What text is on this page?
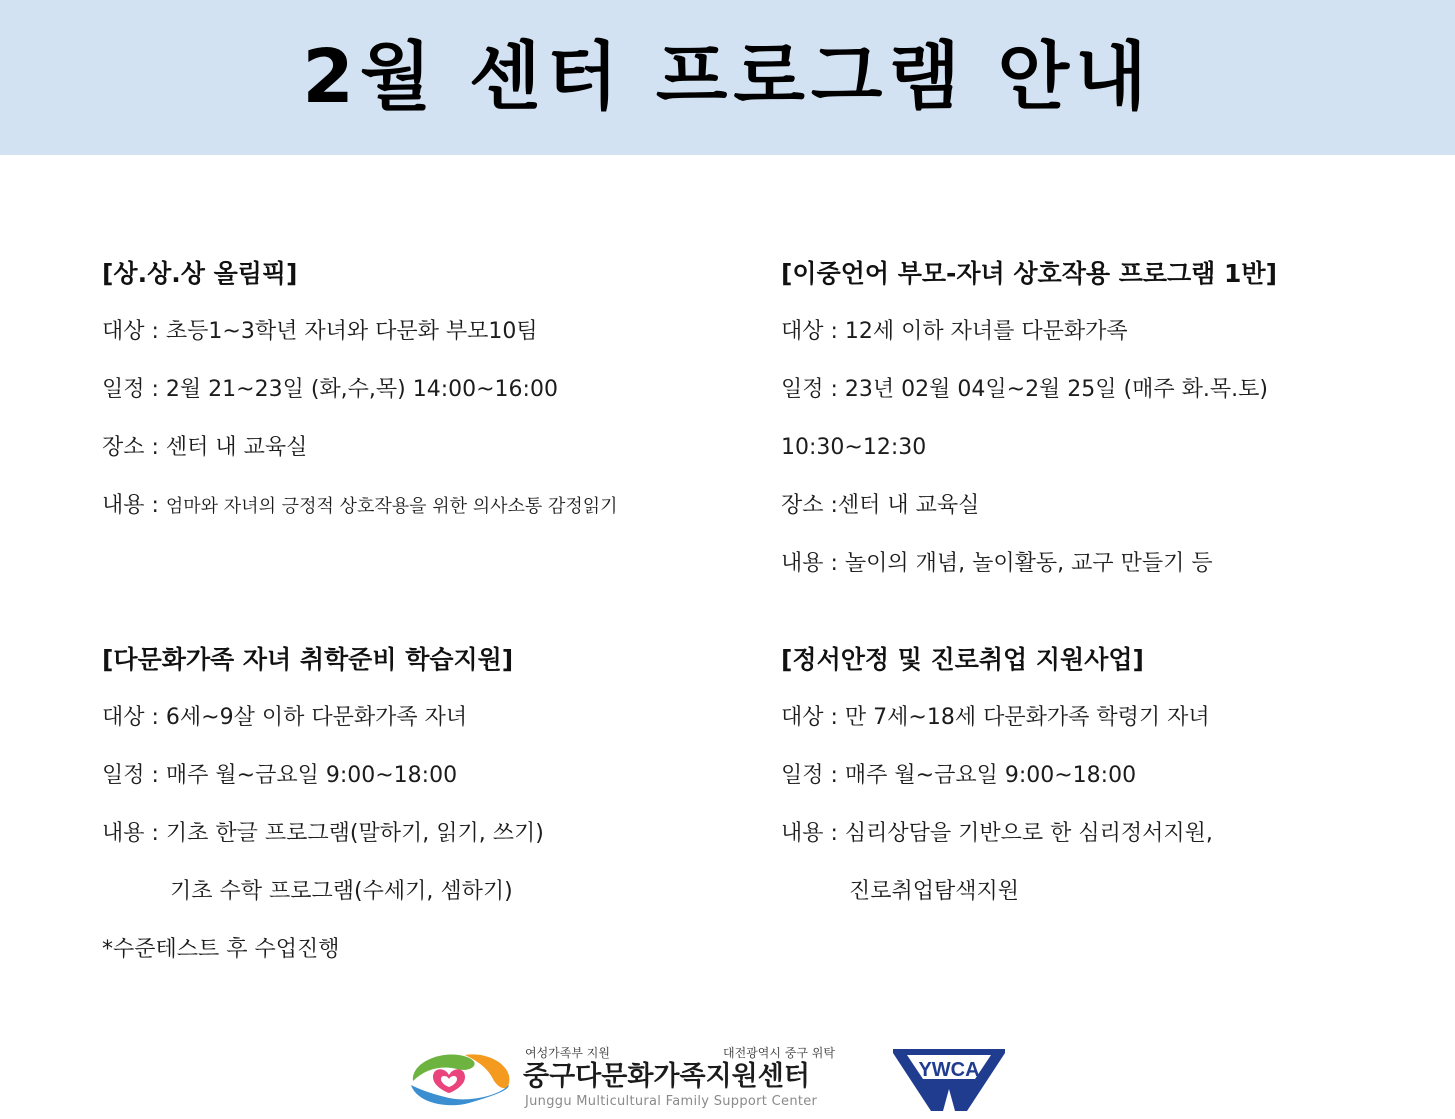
2월 센터 프로그램 안내
[상.상.상 올림픽]
대상 : 초등1~3학년 자녀와 다문화 부모10팀
일정 : 2월 21~23일 (화,수,목) 14:00~16:00
장소 : 센터 내 교육실
내용 : 엄마와 자녀의 긍정적 상호작용을 위한 의사소통 감정읽기
[이중언어 부모-자녀 상호작용 프로그램 1반]
대상 : 12세 이하 자녀를 다문화가족
일정 : 23년 02월 04일~2월 25일 (매주 화.목.토)
10:30~12:30
장소 :센터 내 교육실
내용 : 놀이의 개념, 놀이활동, 교구 만들기 등
[다문화가족 자녀 취학준비 학습지원]
대상 : 6세~9살 이하 다문화가족 자녀
일정 : 매주 월~금요일 9:00~18:00
내용 : 기초 한글 프로그램(말하기, 읽기, 쓰기)
기초 수학 프로그램(수세기, 셈하기)
*수준테스트 후 수업진행
[정서안정 및 진로취업 지원사업]
대상 : 만 7세~18세 다문화가족 학령기 자녀
일정 : 매주 월~금요일 9:00~18:00
내용 : 심리상담을 기반으로 한 심리정서지원,
진로취업탐색지원
여성가족부 지원	대전광역시 중구 위탁
중구다문화가족지원센터
Junggu Multicultural Family Support Center
YWCA
